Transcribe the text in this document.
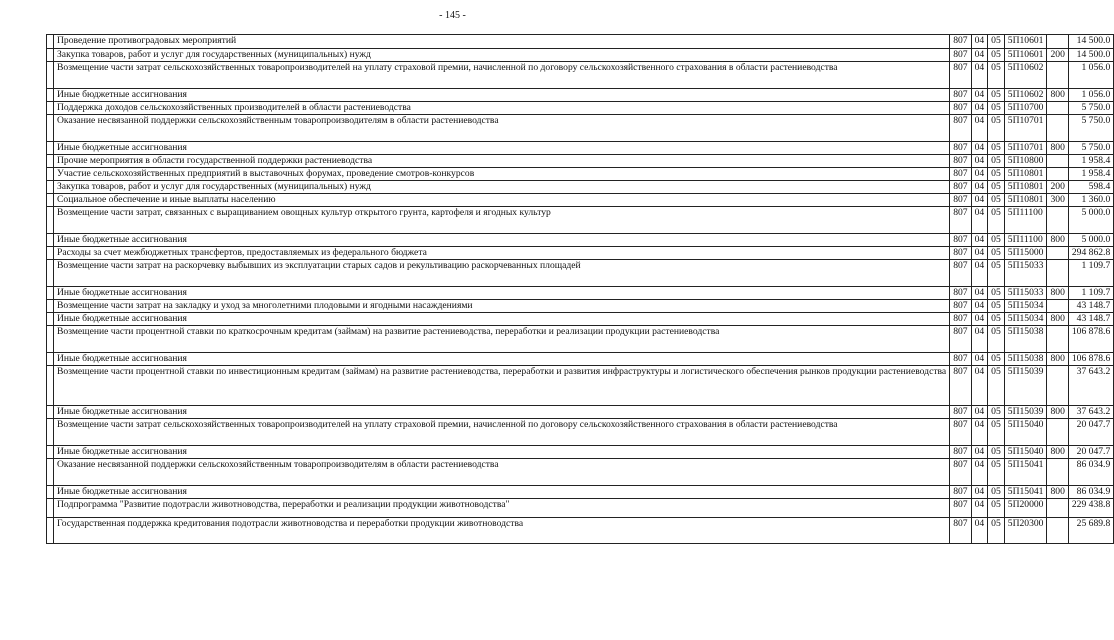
- 145 -
	Проведение противоградовых мероприятий	807	04	05	5П10601		14 500.0
	Закупка товаров, работ и услуг для государственных (муниципальных) нужд	807	04	05	5П10601	200	14 500.0
	Возмещение части затрат сельскохозяйственных товаропроизводителей на уплату страховой премии, начисленной по договору сельскохозяйственного страхования в области растениеводства	807	04	05	5П10602		1 056.0
	Иные бюджетные ассигнования	807	04	05	5П10602	800	1 056.0
	Поддержка доходов сельскохозяйственных производителей в области растениеводства	807	04	05	5П10700		5 750.0
	Оказание несвязанной поддержки сельскохозяйственным товаропроизводителям в области растениеводства	807	04	05	5П10701		5 750.0
	Иные бюджетные ассигнования	807	04	05	5П10701	800	5 750.0
	Прочие мероприятия в области государственной поддержки растениеводства	807	04	05	5П10800		1 958.4
	Участие сельскохозяйственных предприятий в выставочных форумах, проведение смотров-конкурсов	807	04	05	5П10801		1 958.4
	Закупка товаров, работ и услуг для государственных (муниципальных) нужд	807	04	05	5П10801	200	598.4
	Социальное обеспечение и иные выплаты населению	807	04	05	5П10801	300	1 360.0
	Возмещение части затрат, связанных с выращиванием овощных культур открытого грунта, картофеля и ягодных культур	807	04	05	5П11100		5 000.0
	Иные бюджетные ассигнования	807	04	05	5П11100	800	5 000.0
	Расходы за счет межбюджетных трансфертов, предоставляемых из федерального бюджета	807	04	05	5П15000		294 862.8
	Возмещение части затрат на раскорчевку выбывших из эксплуатации старых садов и рекультивацию раскорчеванных площадей	807	04	05	5П15033		1 109.7
	Иные бюджетные ассигнования	807	04	05	5П15033	800	1 109.7
	Возмещение части затрат на закладку и уход за многолетними плодовыми и ягодными насаждениями	807	04	05	5П15034		43 148.7
	Иные бюджетные ассигнования	807	04	05	5П15034	800	43 148.7
	Возмещение части процентной ставки по краткосрочным кредитам (займам) на развитие растениеводства, переработки и реализации продукции растениеводства	807	04	05	5П15038		106 878.6
	Иные бюджетные ассигнования	807	04	05	5П15038	800	106 878.6
	Возмещение части процентной ставки по инвестиционным кредитам (займам) на развитие растениеводства, переработки и развития инфраструктуры и логистического обеспечения рынков продукции растениеводства	807	04	05	5П15039		37 643.2
	Иные бюджетные ассигнования	807	04	05	5П15039	800	37 643.2
	Возмещение части затрат сельскохозяйственных товаропроизводителей на уплату страховой премии, начисленной по договору сельскохозяйственного страхования в области растениеводства	807	04	05	5П15040		20 047.7
	Иные бюджетные ассигнования	807	04	05	5П15040	800	20 047.7
	Оказание несвязанной поддержки сельскохозяйственным товаропроизводителям в области растениеводства	807	04	05	5П15041		86 034.9
	Иные бюджетные ассигнования	807	04	05	5П15041	800	86 034.9
	Подпрограмма "Развитие подотрасли животноводства, переработки и реализации продукции животноводства"	807	04	05	5П20000		229 438.8
	Государственная поддержка кредитования подотрасли животноводства и переработки продукции животноводства	807	04	05	5П20300		25 689.8
